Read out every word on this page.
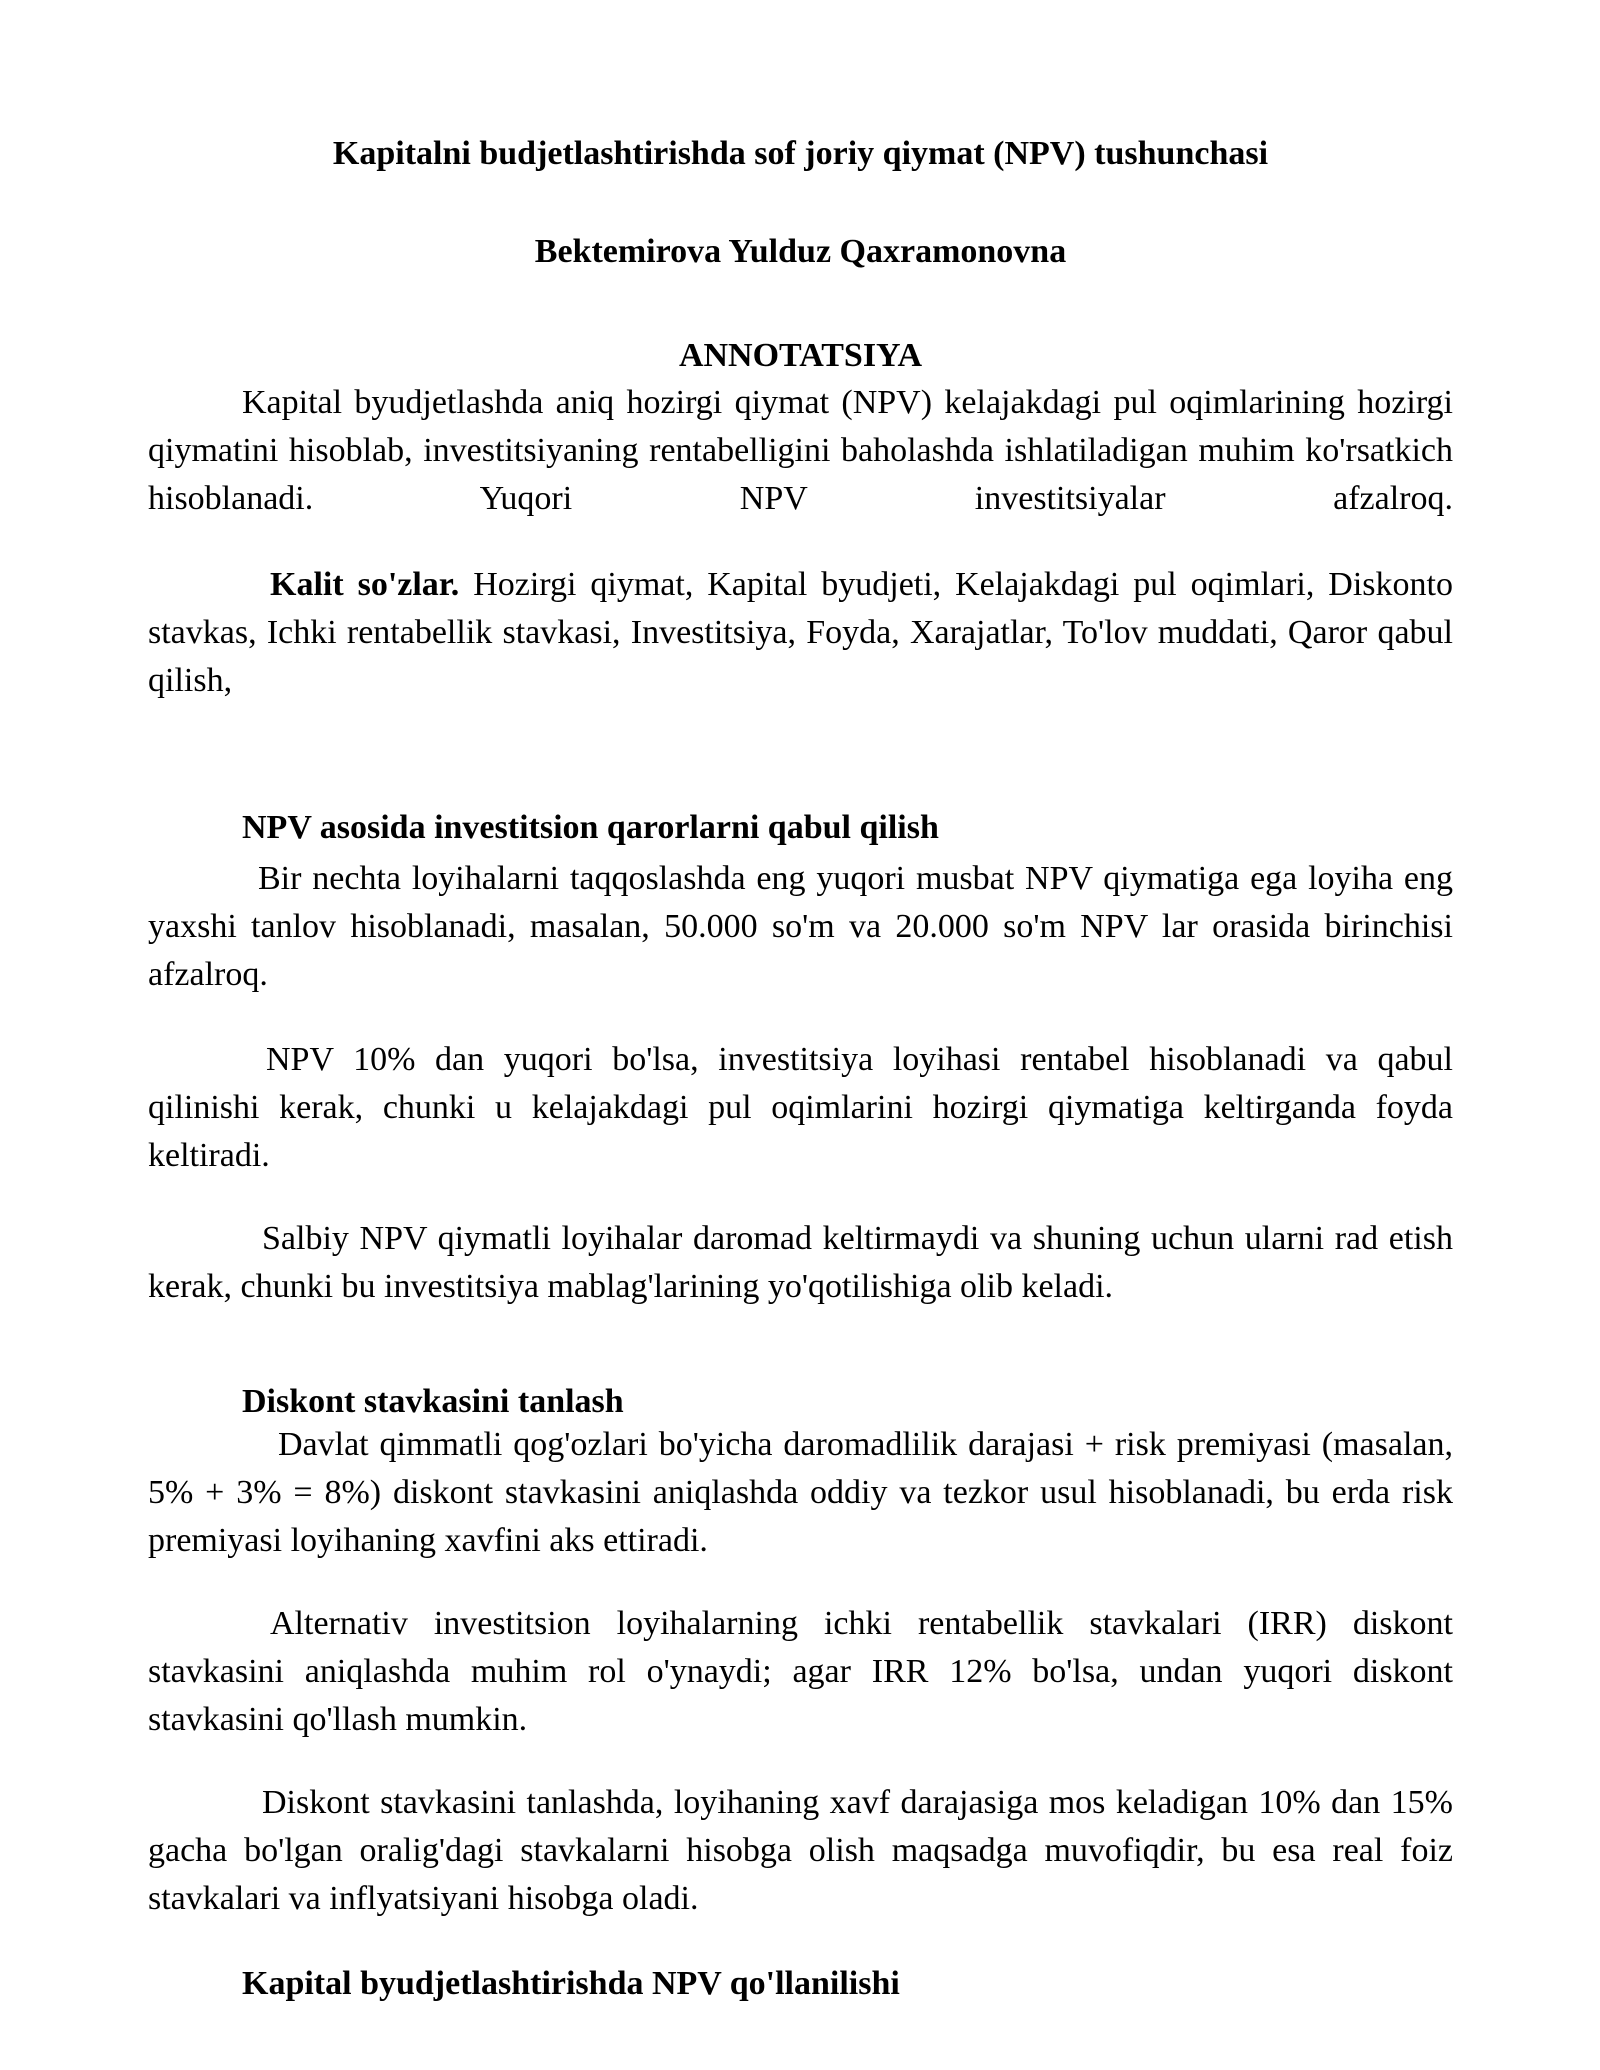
Kapitalni budjetlashtirishda sof joriy qiymat (NPV) tushunchasi
Bektemirova Yulduz Qaxramonovna
ANNOTATSIYA
Kapital byudjetlashda aniq hozirgi qiymat (NPV) kelajakdagi pul oqimlarining hozirgi qiymatini hisoblab, investitsiyaning rentabelligini baholashda ishlatiladigan muhim ko'rsatkich hisoblanadi. Yuqori NPV investitsiyalar afzalroq.
Kalit so'zlar. Hozirgi qiymat, Kapital byudjeti, Kelajakdagi pul oqimlari, Diskonto stavkas, Ichki rentabellik stavkasi, Investitsiya, Foyda, Xarajatlar, To'lov muddati, Qaror qabul qilish,
NPV asosida investitsion qarorlarni qabul qilish
Bir nechta loyihalarni taqqoslashda eng yuqori musbat NPV qiymatiga ega loyiha eng yaxshi tanlov hisoblanadi, masalan, 50.000 so'm va 20.000 so'm NPV lar orasida birinchisi afzalroq.
NPV 10% dan yuqori bo'lsa, investitsiya loyihasi rentabel hisoblanadi va qabul qilinishi kerak, chunki u kelajakdagi pul oqimlarini hozirgi qiymatiga keltirganda foyda keltiradi.
Salbiy NPV qiymatli loyihalar daromad keltirmaydi va shuning uchun ularni rad etish kerak, chunki bu investitsiya mablag'larining yo'qotilishiga olib keladi.
Diskont stavkasini tanlash
Davlat qimmatli qog'ozlari bo'yicha daromadlilik darajasi + risk premiyasi (masalan, 5% + 3% = 8%) diskont stavkasini aniqlashda oddiy va tezkor usul hisoblanadi, bu erda risk premiyasi loyihaning xavfini aks ettiradi.
Alternativ investitsion loyihalarning ichki rentabellik stavkalari (IRR) diskont stavkasini aniqlashda muhim rol o'ynaydi; agar IRR 12% bo'lsa, undan yuqori diskont stavkasini qo'llash mumkin.
Diskont stavkasini tanlashda, loyihaning xavf darajasiga mos keladigan 10% dan 15% gacha bo'lgan oralig'dagi stavkalarni hisobga olish maqsadga muvofiqdir, bu esa real foiz stavkalari va inflyatsiyani hisobga oladi.
Kapital byudjetlashtirishda NPV qo'llanilishi
